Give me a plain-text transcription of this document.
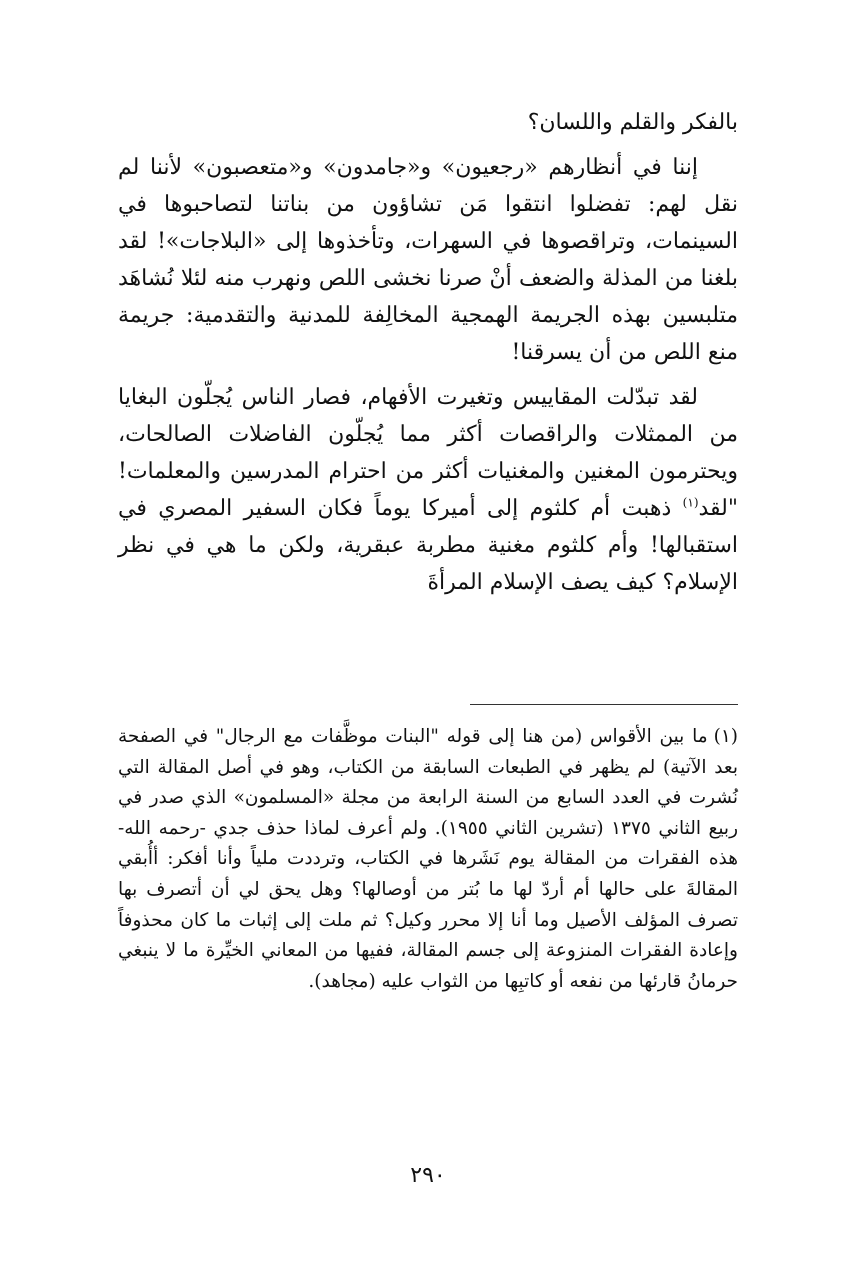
بالفكر والقلم واللسان؟

إننا في أنظارهم «رجعيون» و«جامدون» و«متعصبون» لأننا لم نقل لهم: تفضلوا انتقوا مَن تشاؤون من بناتنا لتصاحبوها في السينمات، وتراقصوها في السهرات، وتأخذوها إلى «البلاجات»! لقد بلغنا من المذلة والضعف أنْ صرنا نخشى اللص ونهرب منه لئلا نُشاهَد متلبسين بهذه الجريمة الهمجية المخالِفة للمدنية والتقدمية: جريمة منع اللص من أن يسرقنا!

لقد تبدّلت المقاييس وتغيرت الأفهام، فصار الناس يُجلّون البغايا من الممثلات والراقصات أكثر مما يُجلّون الفاضلات الصالحات، ويحترمون المغنين والمغنيات أكثر من احترام المدرسين والمعلمات! "لقد$^{(١)}$ ذهبت أم كلثوم إلى أميركا يوماً فكان السفير المصري في استقبالها! وأم كلثوم مغنية مطربة عبقرية، ولكن ما هي في نظر الإسلام؟ كيف يصف الإسلام المرأةَ

(١)ما بين الأقواس (من هنا إلى قوله "البنات موظَّفات مع الرجال" في الصفحة بعد الآتية) لم يظهر في الطبعات السابقة من الكتاب، وهو في أصل المقالة التي نُشرت في العدد السابع من السنة الرابعة من مجلة «المسلمون» الذي صدر في ربيع الثاني ١٣٧٥ (تشرين الثاني ١٩٥٥). ولم أعرف لماذا حذف جدي -رحمه الله- هذه الفقرات من المقالة يوم نَشَرها في الكتاب، وترددت ملياً وأنا أفكر: أأُبقي المقالةَ على حالها أم أردّ لها ما بُتر من أوصالها؟ وهل يحق لي أن أتصرف بها تصرف المؤلف الأصيل وما أنا إلا محرر وكيل؟ ثم ملت إلى إثبات ما كان محذوفاً وإعادة الفقرات المنزوعة إلى جسم المقالة، ففيها من المعاني الخيِّرة ما لا ينبغي حرمانُ قارئها من نفعه أو كاتبِها من الثواب عليه (مجاهد).

٢٩٠
